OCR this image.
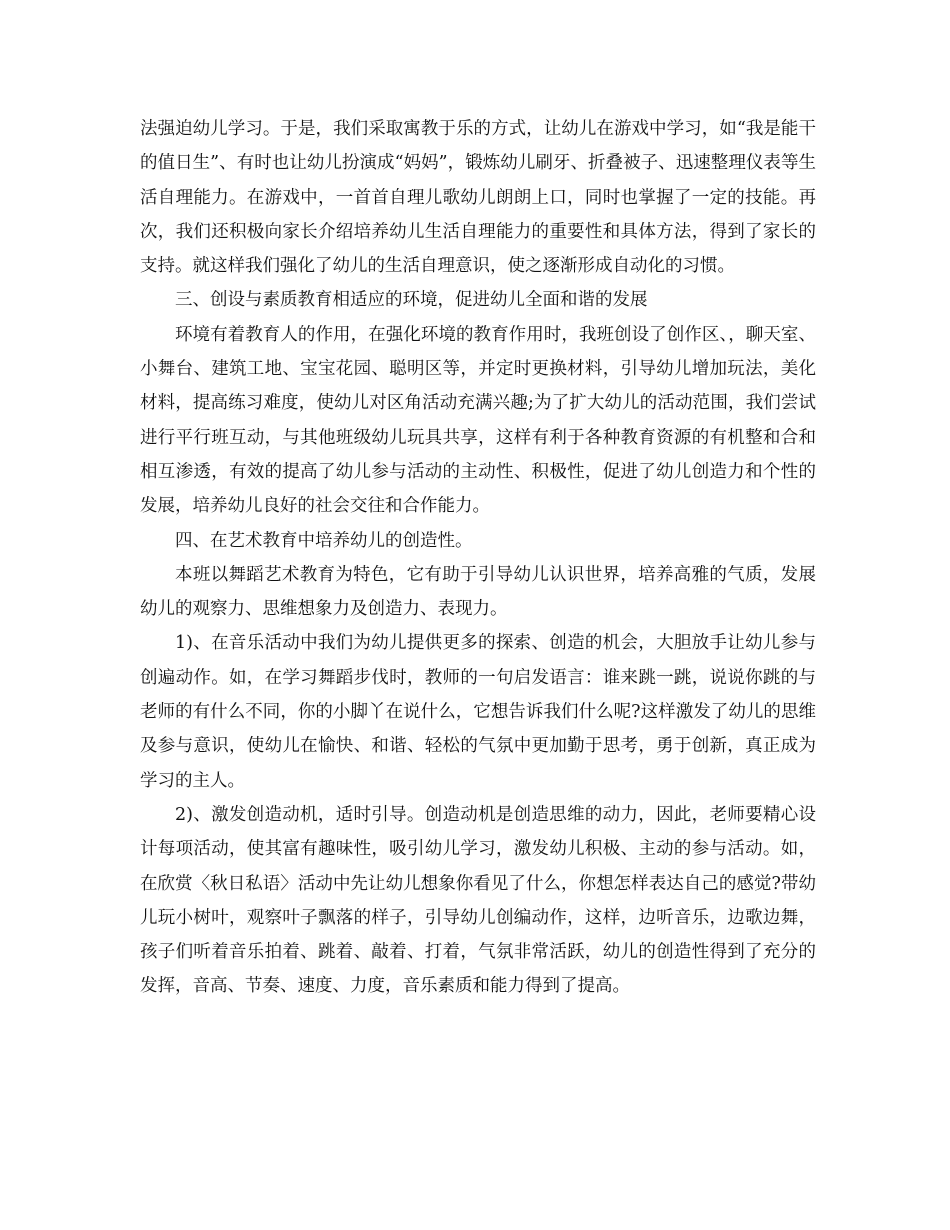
法强迫幼儿学习。于是，我们采取寓教于乐的方式，让幼儿在游戏中学习，如“我是能干的值日生”、有时也让幼儿扮演成“妈妈”，锻炼幼儿刷牙、折叠被子、迅速整理仪表等生活自理能力。在游戏中，一首首自理儿歌幼儿朗朗上口，同时也掌握了一定的技能。再次，我们还积极向家长介绍培养幼儿生活自理能力的重要性和具体方法，得到了家长的支持。就这样我们强化了幼儿的生活自理意识，使之逐渐形成自动化的习惯。

三、创设与素质教育相适应的环境，促进幼儿全面和谐的发展

环境有着教育人的作用，在强化环境的教育作用时，我班创设了创作区、，聊天室、小舞台、建筑工地、宝宝花园、聪明区等，并定时更换材料，引导幼儿增加玩法，美化材料，提高练习难度，使幼儿对区角活动充满兴趣;为了扩大幼儿的活动范围，我们尝试进行平行班互动，与其他班级幼儿玩具共享，这样有利于各种教育资源的有机整和合和相互渗透，有效的提高了幼儿参与活动的主动性、积极性，促进了幼儿创造力和个性的发展，培养幼儿良好的社会交往和合作能力。

四、在艺术教育中培养幼儿的创造性。

本班以舞蹈艺术教育为特色，它有助于引导幼儿认识世界，培养高雅的气质，发展幼儿的观察力、思维想象力及创造力、表现力。

1)、在音乐活动中我们为幼儿提供更多的探索、创造的机会，大胆放手让幼儿参与创遍动作。如，在学习舞蹈步伐时，教师的一句启发语言：谁来跳一跳，说说你跳的与老师的有什么不同，你的小脚丫在说什么，它想告诉我们什么呢?这样激发了幼儿的思维及参与意识，使幼儿在愉快、和谐、轻松的气氛中更加勤于思考，勇于创新，真正成为学习的主人。

2)、激发创造动机，适时引导。创造动机是创造思维的动力，因此，老师要精心设计每项活动，使其富有趣味性，吸引幼儿学习，激发幼儿积极、主动的参与活动。如，在欣赏〈秋日私语〉活动中先让幼儿想象你看见了什么，你想怎样表达自己的感觉?带幼儿玩小树叶，观察叶子飘落的样子，引导幼儿创编动作，这样，边听音乐，边歌边舞，孩子们听着音乐拍着、跳着、敲着、打着，气氛非常活跃，幼儿的创造性得到了充分的发挥，音高、节奏、速度、力度，音乐素质和能力得到了提高。
